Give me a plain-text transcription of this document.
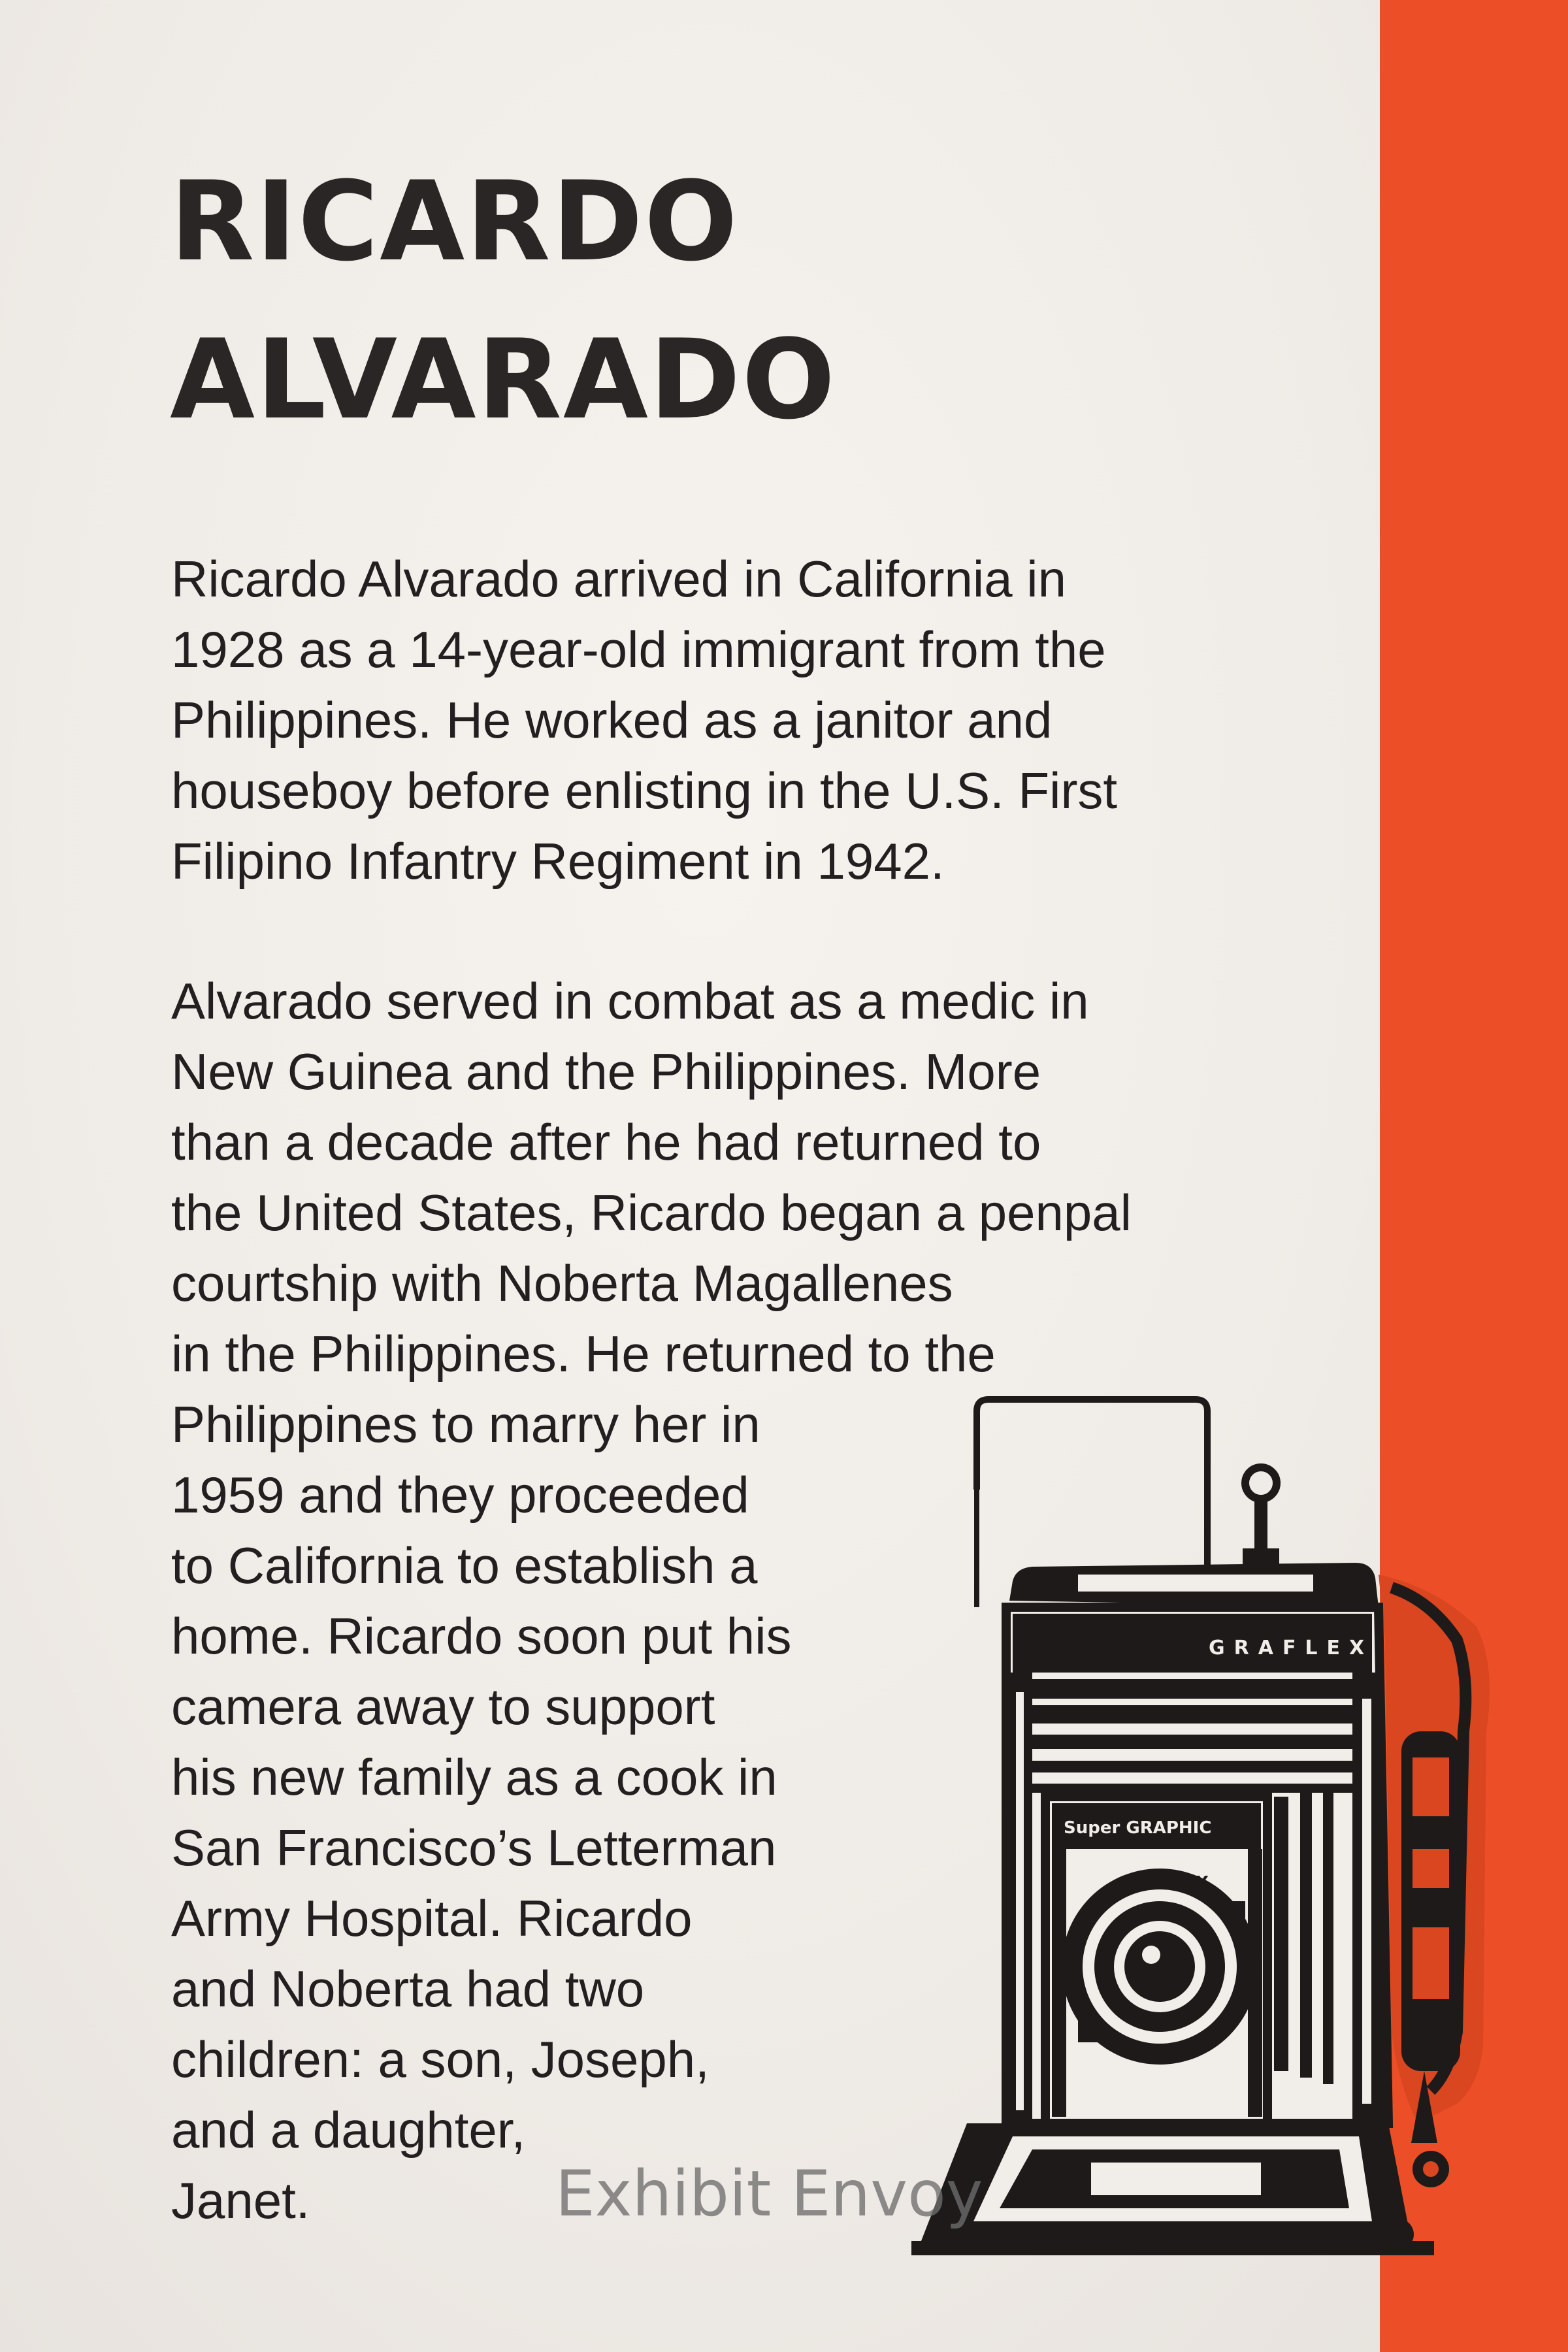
RICARDO
ALVARADO

Ricardo Alvarado arrived in California in
1928 as a 14-year-old immigrant from the
Philippines. He worked as a janitor and
houseboy before enlisting in the U.S. First
Filipino Infantry Regiment in 1942.

Alvarado served in combat as a medic in
New Guinea and the Philippines. More
than a decade after he had returned to
the United States, Ricardo began a penpal
courtship with Noberta Magallenes
in the Philippines. He returned to the
Philippines to marry her in
1959 and they proceeded
to California to establish a
home. Ricardo soon put his
camera away to support
his new family as a cook in
San Francisco’s Letterman
Army Hospital. Ricardo
and Noberta had two
children: a son, Joseph,
and a daughter,
Janet.

GRAFLEX
Super GRAPHIC
GRAPHEX
Exhibit Envoy
